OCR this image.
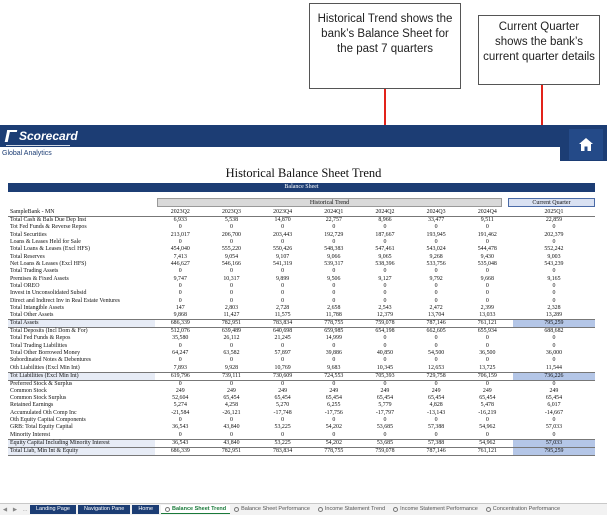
Historical Trend shows the bank’s Balance Sheet for the past 7 quarters
Current Quarter shows the bank’s current quarter details
Scorecard
Global Analytics
Historical Balance Sheet Trend
Balance Sheet
Historical Trend	Current Quarter
SampleBank - MN	2023Q2	2023Q3	2023Q4	2024Q1	2024Q2	2024Q3	2024Q4	2025Q1
Total Cash & Bals Due Dep Inst	6,933	5,538	14,870	22,757	8,966	33,477	9,511	22,859
Tot Fed Funds & Reverse Repos	0	0	0	0	0	0	0	0
Total Securities	213,017	206,700	203,443	192,729	187,667	193,945	191,462	202,379
Loans & Leases Held for Sale	0	0	0	0	0	0	0	0
Total Loans & Leases (Excl HFS)	454,040	555,220	550,426	548,383	547,461	543,024	544,478	552,242
Total Reserves	7,413	9,054	9,107	9,066	9,065	9,268	9,430	9,003
Net Loans & Leases (Excl HFS)	446,627	546,166	541,319	539,317	538,396	533,756	535,048	543,239
Total Trading Assets	0	0	0	0	0	0	0	0
Premises & Fixed Assets	9,747	10,317	9,899	9,506	9,127	9,792	9,668	9,165
Total OREO	0	0	0	0	0	0	0	0
Invest in Unconsolidated Subsid	0	0	0	0	0	0	0	0
Direct and Indirect Inv in Real Estate Ventures	0	0	0	0	0	0	0	0
Total Intangible Assets	147	2,803	2,728	2,658	2,543	2,472	2,399	2,328
Total Other Assets	9,868	11,427	11,575	11,788	12,379	13,704	13,033	13,289
Total Assets	686,339	782,951	783,834	778,755	759,078	787,146	761,121	795,259
Total Deposits (Incl Dom & For)	512,076	639,489	640,698	659,985	654,198	662,605	655,934	688,682
Total Fed Funds & Repos	35,580	26,112	21,245	14,999	0	0	0	0
Total Trading Liabilities	0	0	0	0	0	0	0	0
Total Other Borrowed Money	64,247	63,582	57,897	39,886	40,850	54,500	36,500	36,000
Subordinated Notes & Debentures	0	0	0	0	0	0	0	0
Oth Liabilities (Excl Min Int)	7,893	9,928	10,769	9,683	10,345	12,653	13,725	11,544
Tot Liabilities (Excl Min Int)	619,796	739,111	730,609	724,553	705,393	729,758	706,159	736,226
Preferred Stock & Surplus	0	0	0	0	0	0	0	0
Common Stock	249	249	249	249	249	249	249	249
Common Stock Surplus	52,604	65,454	65,454	65,454	65,454	65,454	65,454	65,454
Retained Earnings	5,274	4,258	5,270	6,255	5,779	4,828	5,478	6,017
Accumulated Oth Comp Inc	-21,584	-26,121	-17,748	-17,756	-17,797	-13,143	-16,219	-14,667
Oth Equity Capital Components	0	0	0	0	0	0	0	0
GRB: Total Equity Capital	36,543	43,840	53,225	54,202	53,685	57,388	54,962	57,033
Minority Interest	0	0	0	0	0	0	0	0
Equity Capital Including Minority Interest	36,543	43,840	53,225	54,202	53,685	57,388	54,962	57,033
Total Liab, Min Int & Equity	686,339	782,951	783,834	778,755	759,078	787,146	761,121	795,259
◀	▶ …	Landing Page	Navigation Pane	Home	Balance Sheet Trend	Balance Sheet Performance	Income Statement Trend	Income Statement Performance	Concentration Performance
